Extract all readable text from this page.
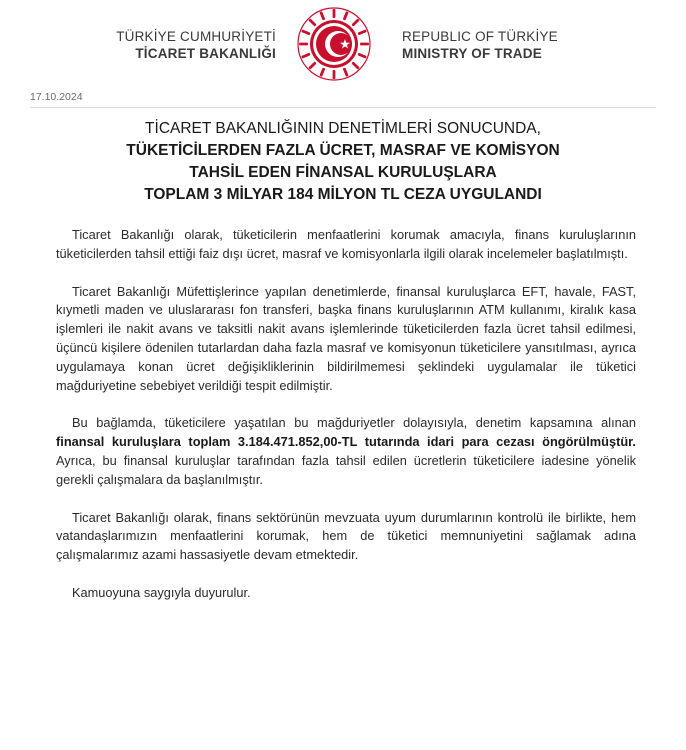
TÜRKİYE CUMHURİYETİ
TİCARET BAKANLIĞI
REPUBLIC OF TÜRKİYE
MINISTRY OF TRADE
17.10.2024
TİCARET BAKANLIĞININ DENETİMLERİ SONUCUNDA,
TÜKETİCİLERDEN FAZLA ÜCRET, MASRAF VE KOMİSYON
TAHSİL EDEN FİNANSAL KURULUŞLARA
TOPLAM 3 MİLYAR 184 MİLYON TL CEZA UYGULANDI

Ticaret Bakanlığı olarak, tüketicilerin menfaatlerini korumak amacıyla, finans kuruluşlarının tüketicilerden tahsil ettiği faiz dışı ücret, masraf ve komisyonlarla ilgili olarak incelemeler başlatılmıştı.

Ticaret Bakanlığı Müfettişlerince yapılan denetimlerde, finansal kuruluşlarca EFT, havale, FAST, kıymetli maden ve uluslararası fon transferi, başka finans kuruluşlarının ATM kullanımı, kiralık kasa işlemleri ile nakit avans ve taksitli nakit avans işlemlerinde tüketicilerden fazla ücret tahsil edilmesi, üçüncü kişilere ödenilen tutarlardan daha fazla masraf ve komisyonun tüketicilere yansıtılması, ayrıca uygulamaya konan ücret değişikliklerinin bildirilmemesi şeklindeki uygulamalar ile tüketici mağduriyetine sebebiyet verildiği tespit edilmiştir.

Bu bağlamda, tüketicilere yaşatılan bu mağduriyetler dolayısıyla, denetim kapsamına alınan finansal kuruluşlara toplam 3.184.471.852,00-TL tutarında idari para cezası öngörülmüştür. Ayrıca, bu finansal kuruluşlar tarafından fazla tahsil edilen ücretlerin tüketicilere iadesine yönelik gerekli çalışmalara da başlanılmıştır.

Ticaret Bakanlığı olarak, finans sektörünün mevzuata uyum durumlarının kontrolü ile birlikte, hem vatandaşlarımızın menfaatlerini korumak, hem de tüketici memnuniyetini sağlamak adına çalışmalarımız azami hassasiyetle devam etmektedir.

Kamuoyuna saygıyla duyurulur.
